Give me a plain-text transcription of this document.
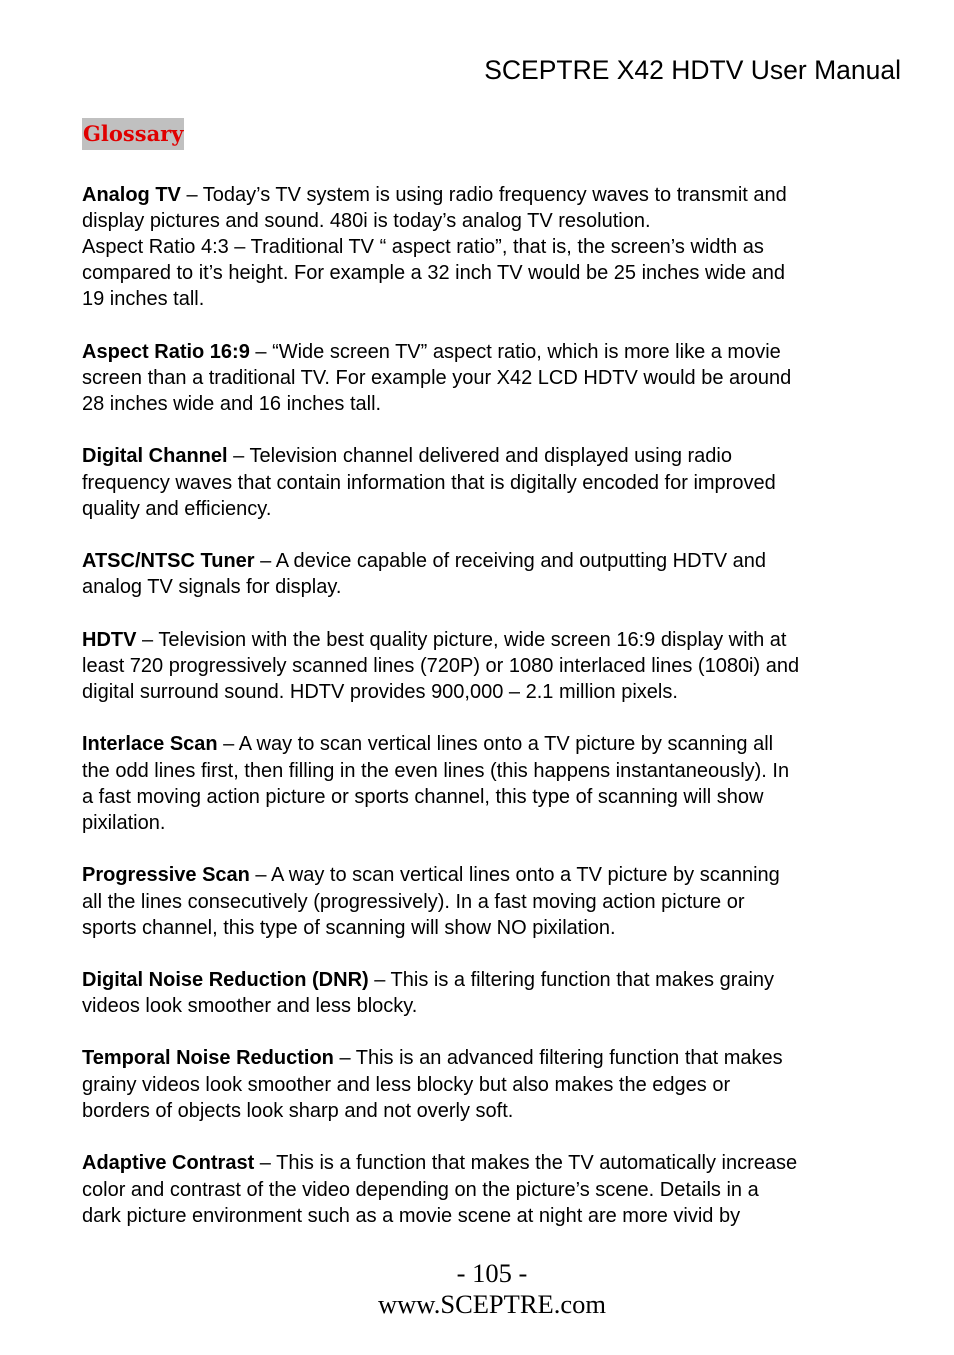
SCEPTRE X42 HDTV User Manual
Glossary
Analog TV – Today’s TV system is using radio frequency waves to transmit and
display pictures and sound. 480i is today’s analog TV resolution.
Aspect Ratio 4:3 – Traditional TV “ aspect ratio”, that is, the screen’s width as
compared to it’s height. For example a 32 inch TV would be 25 inches wide and
19 inches tall.
Aspect Ratio 16:9 – “Wide screen TV” aspect ratio, which is more like a movie
screen than a traditional TV. For example your X42 LCD HDTV would be around
28 inches wide and 16 inches tall.
Digital Channel – Television channel delivered and displayed using radio
frequency waves that contain information that is digitally encoded for improved
quality and efficiency.
ATSC/NTSC Tuner – A device capable of receiving and outputting HDTV and
analog TV signals for display.
HDTV – Television with the best quality picture, wide screen 16:9 display with at
least 720 progressively scanned lines (720P) or 1080 interlaced lines (1080i) and
digital surround sound. HDTV provides 900,000 – 2.1 million pixels.
Interlace Scan – A way to scan vertical lines onto a TV picture by scanning all
the odd lines first, then filling in the even lines (this happens instantaneously). In
a fast moving action picture or sports channel, this type of scanning will show
pixilation.
Progressive Scan – A way to scan vertical lines onto a TV picture by scanning
all the lines consecutively (progressively). In a fast moving action picture or
sports channel, this type of scanning will show NO pixilation.
Digital Noise Reduction (DNR) – This is a filtering function that makes grainy
videos look smoother and less blocky.
Temporal Noise Reduction – This is an advanced filtering function that makes
grainy videos look smoother and less blocky but also makes the edges or
borders of objects look sharp and not overly soft.
Adaptive Contrast – This is a function that makes the TV automatically increase
color and contrast of the video depending on the picture’s scene. Details in a
dark picture environment such as a movie scene at night are more vivid by
- 105 -
www.SCEPTRE.com
